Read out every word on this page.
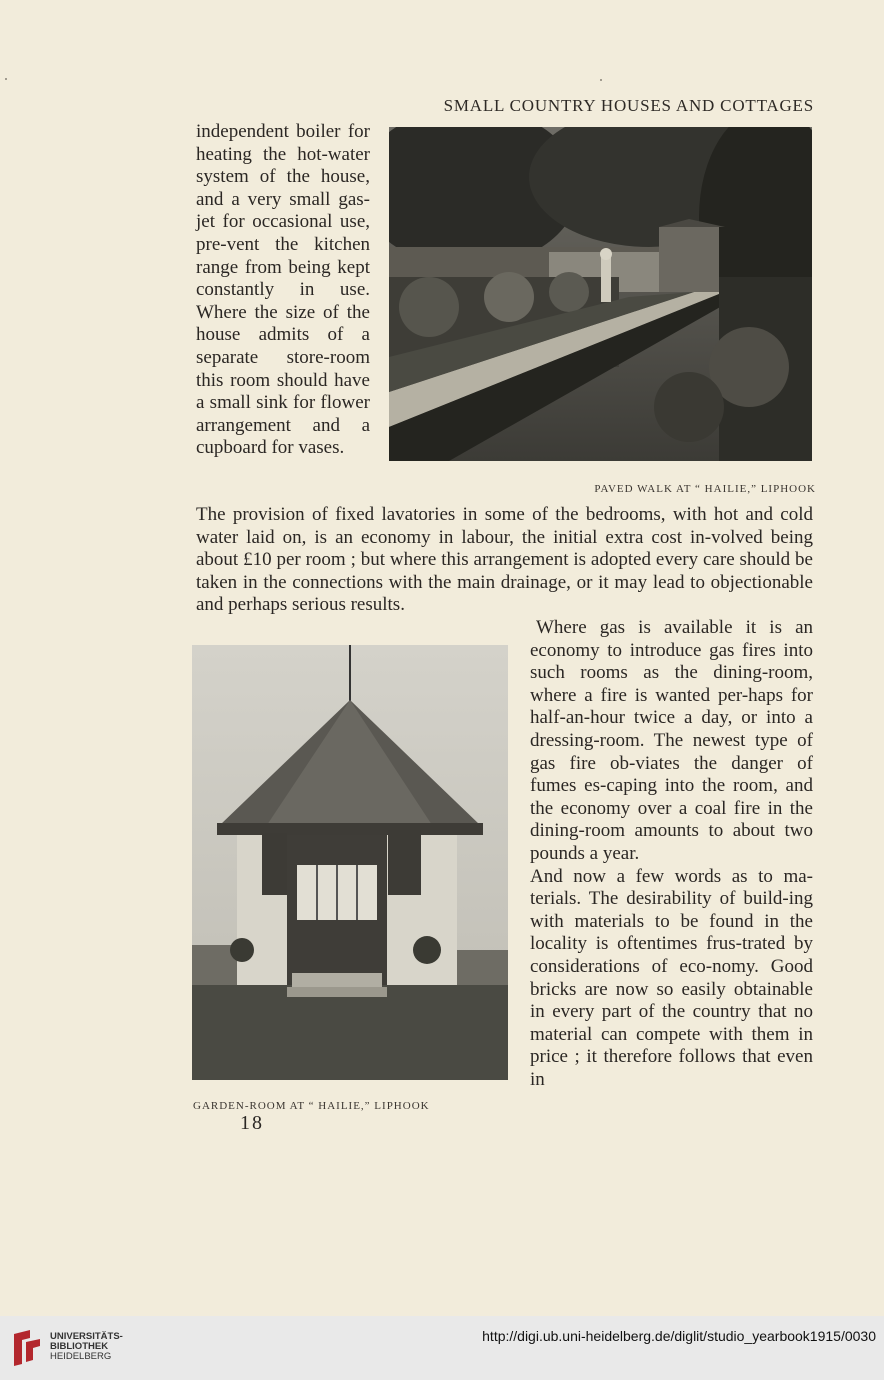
SMALL COUNTRY HOUSES AND COTTAGES

independent boiler for heating the hot-water system of the house, and a very small gas-jet for occasional use, pre-vent the kitchen range from being kept constantly in use. Where the size of the house admits of a separate store-room this room should have a small sink for flower arrangement and a cupboard for vases.

PAVED WALK AT “ HAILIE,” LIPHOOK

The provision of fixed lavatories in some of the bedrooms, with hot and cold water laid on, is an economy in labour, the initial extra cost in-volved being about £10 per room ; but where this arrangement is adopted every care should be taken in the connections with the main drainage, or it may lead to objectionable and perhaps serious results.

Where gas is available it is an economy to introduce gas fires into such rooms as the dining-room, where a fire is wanted per-haps for half-an-hour twice a day, or into a dressing-room. The newest type of gas fire ob-viates the danger of fumes es-caping into the room, and the economy over a coal fire in the dining-room amounts to about two pounds a year.

And now a few words as to ma-terials. The desirability of build-ing with materials to be found in the locality is oftentimes frus-trated by considerations of eco-nomy. Good bricks are now so easily obtainable in every part of the country that no material can compete with them in price ; it therefore follows that even in

GARDEN-ROOM AT “ HAILIE,” LIPHOOK
18
UNIVERSITÄTS-
BIBLIOTHEK
HEIDELBERG
http://digi.ub.uni-heidelberg.de/diglit/studio_yearbook1915/0030
